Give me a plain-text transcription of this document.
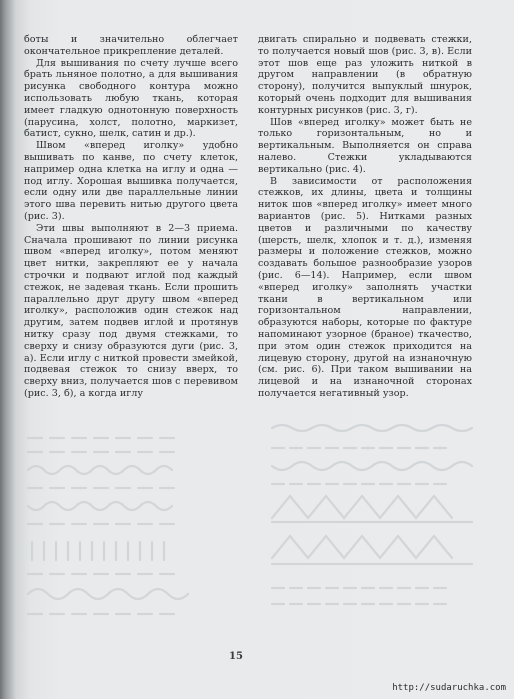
боты и значительно облегчает окончательное прикрепление деталей.

Для вышивания по счету лучше всего брать льняное полотно, а для вышивания рисунка свободного контура можно использовать любую ткань, которая имеет гладкую однотонную поверхность (парусина, холст, полотно, маркизет, батист, сукно, шелк, сатин и др.).

Швом «вперед иголку» удобно вышивать по канве, по счету клеток, например одна клетка на иглу и одна — под иглу. Хорошая вышивка получается, если одну или две параллельные линии этого шва перевить нитью другого цвета (рис. 3).

Эти швы выполняют в 2—3 приема. Сначала прошивают по линии рисунка швом «вперед иголку», потом меняют цвет нитки, закрепляют ее у начала строчки и подвают иглой под каждый стежок, не задевая ткань. Если прошить параллельно друг другу швом «вперед иголку», расположив один стежок над другим, затем подвев иглой и протянув нитку сразу под двумя стежками, то сверху и снизу образуются дуги (рис. 3, а). Если иглу с ниткой провести змейкой, подвевая стежок то снизу вверх, то сверху вниз, получается шов с перевивом (рис. 3, б), а когда иглу

двигать спирально и подвевать стежки, то получается новый шов (рис. 3, в). Если этот шов еще раз уложить ниткой в другом направлении (в обратную сторону), получится выпуклый шнурок, который очень подходит для вышивания контурных рисунков (рис. 3, г).

Шов «вперед иголку» может быть не только горизонтальным, но и вертикальным. Выполняется он справа налево. Стежки укладываются вертикально (рис. 4).

В зависимости от расположения стежков, их длины, цвета и толщины ниток шов «вперед иголку» имеет много вариантов (рис. 5). Нитками разных цветов и различными по качеству (шерсть, шелк, хлопок и т. д.), изменяя размеры и положение стежков, можно создавать большое разнообразие узоров (рис. 6—14). Например, если швом «вперед иголку» заполнять участки ткани в вертикальном или горизонтальном направлении, образуются наборы, которые по фактуре напоминают узорное (браное) ткачество, при этом один стежок приходится на лицевую сторону, другой на изнаночную (см. рис. 6). При таком вышивании на лицевой и на изнаночной сторонах получается негативный узор.

15
http://sudaruchka.com
